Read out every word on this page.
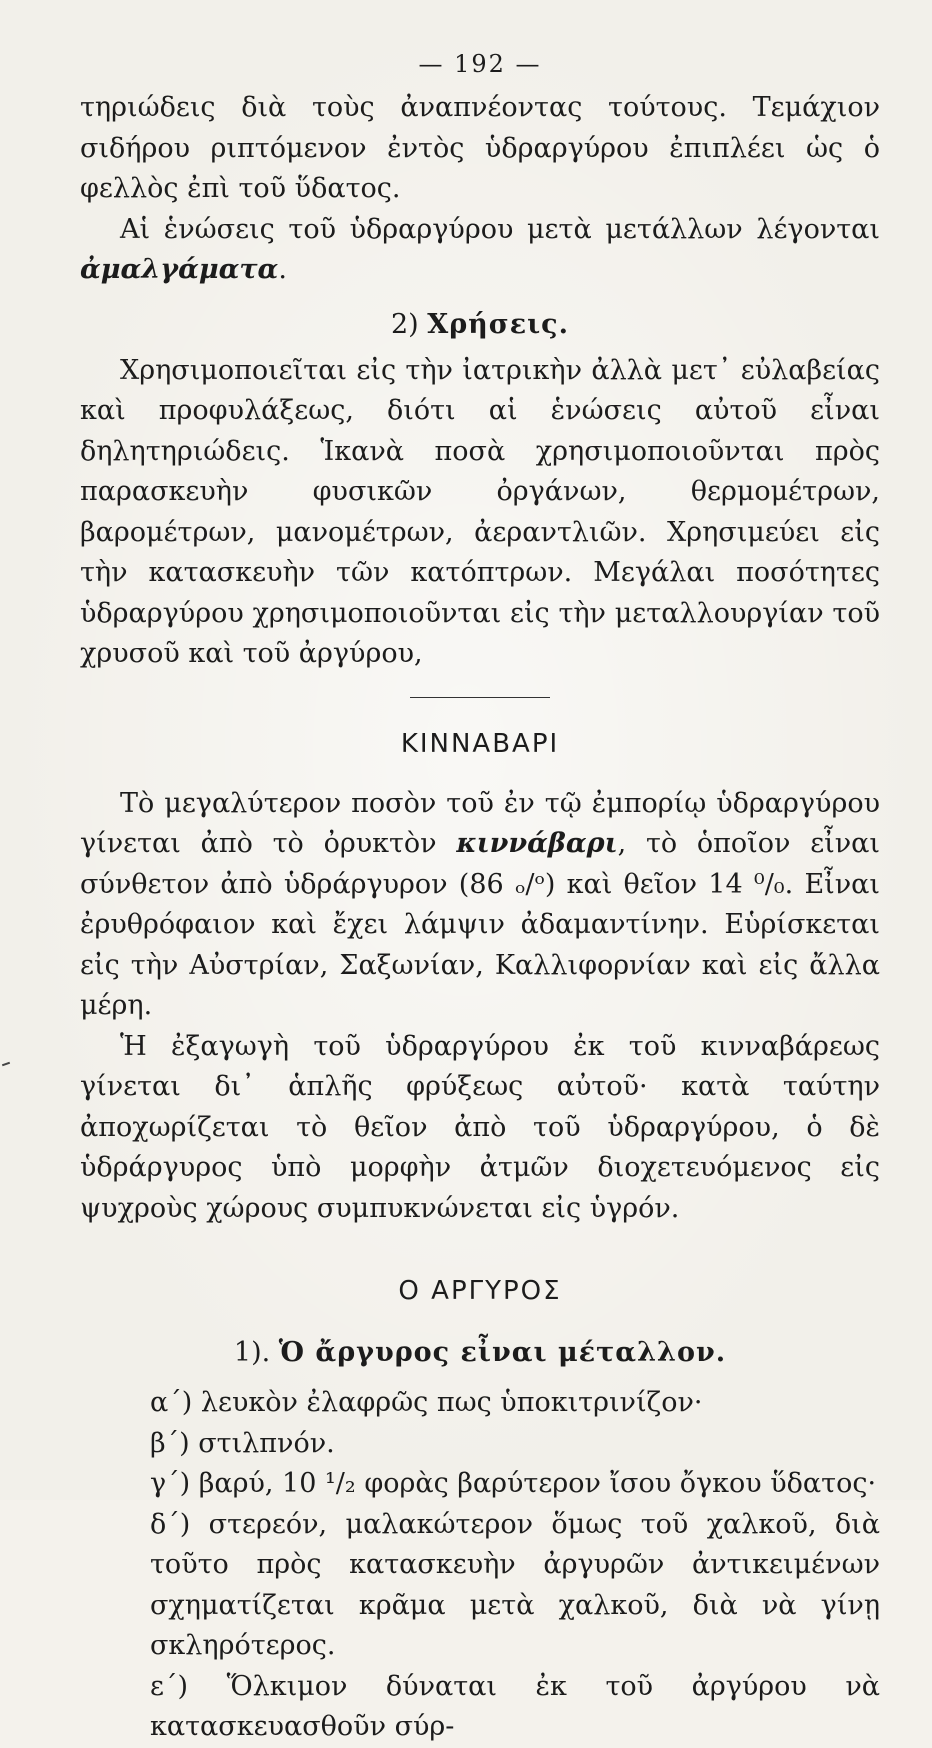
— 192 —

τηριώδεις διὰ τοὺς ἀναπνέοντας τούτους. Τεμάχιον σιδήρου ριπτόμενον ἐντὸς ὑδραργύρου ἐπιπλέει ὡς ὁ φελλὸς ἐπὶ τοῦ ὕδατος.

Αἱ ἑνώσεις τοῦ ὑδραργύρου μετὰ μετάλλων λέγονται ἀμαλγάματα.

2) Χρήσεις.

Χρησιμοποιεῖται εἰς τὴν ἰατρικὴν ἀλλὰ μετ᾽ εὐλαβείας καὶ προφυλάξεως, διότι αἱ ἑνώσεις αὐτοῦ εἶναι δηλητηριώδεις. Ἱκανὰ ποσὰ χρησιμοποιοῦνται πρὸς παρασκευὴν φυσικῶν ὀργάνων, θερμομέτρων, βαρομέτρων, μανομέτρων, ἀεραντλιῶν. Χρησιμεύει εἰς τὴν κατασκευὴν τῶν κατόπτρων. Μεγάλαι ποσότητες ὑδραργύρου χρησιμοποιοῦνται εἰς τὴν μεταλλουργίαν τοῦ χρυσοῦ καὶ τοῦ ἀργύρου,

ΚΙΝΝΑΒΑΡΙ

Τὸ μεγαλύτερον ποσὸν τοῦ ἐν τῷ ἐμπορίῳ ὑδραργύρου γίνεται ἀπὸ τὸ ὀρυκτὸν κιννάβαρι, τὸ ὁποῖον εἶναι σύνθετον ἀπὸ ὑδράργυρον (86 ₒ/ᵒ) καὶ θεῖον 14 ⁰/₀. Εἶναι ἐρυθρόφαιον καὶ ἔχει λάμψιν ἀδαμαντίνην. Εὑρίσκεται εἰς τὴν Αὐστρίαν, Σαξωνίαν, Καλλιφορνίαν καὶ εἰς ἄλλα μέρη.

Ἡ ἐξαγωγὴ τοῦ ὑδραργύρου ἐκ τοῦ κινναβάρεως γίνεται δι᾽ ἁπλῆς φρύξεως αὐτοῦ· κατὰ ταύτην ἀποχωρίζεται τὸ θεῖον ἀπὸ τοῦ ὑδραργύρου, ὁ δὲ ὑδράργυρος ὑπὸ μορφὴν ἀτμῶν διοχετευόμενος εἰς ψυχροὺς χώρους συμπυκνώνεται εἰς ὑγρόν.

Ο ΑΡΓΥΡΟΣ
1). Ὁ ἄργυρος εἶναι μέταλλον.

α΄) λευκὸν ἐλαφρῶς πως ὑποκιτρινίζον·

β΄) στιλπνόν.

γ΄) βαρύ, 10 ¹/₂ φορὰς βαρύτερον ἴσου ὄγκου ὕδατος·

δ΄) στερεόν, μαλακώτερον ὅμως τοῦ χαλκοῦ, διὰ τοῦτο πρὸς κατασκευὴν ἀργυρῶν ἀντικειμένων σχηματίζεται κρᾶμα μετὰ χαλκοῦ, διὰ νὰ γίνῃ σκληρότερος.

ε΄) Ὅλκιμον δύναται ἐκ τοῦ ἀργύρου νὰ κατασκευασθοῦν σύρ-
